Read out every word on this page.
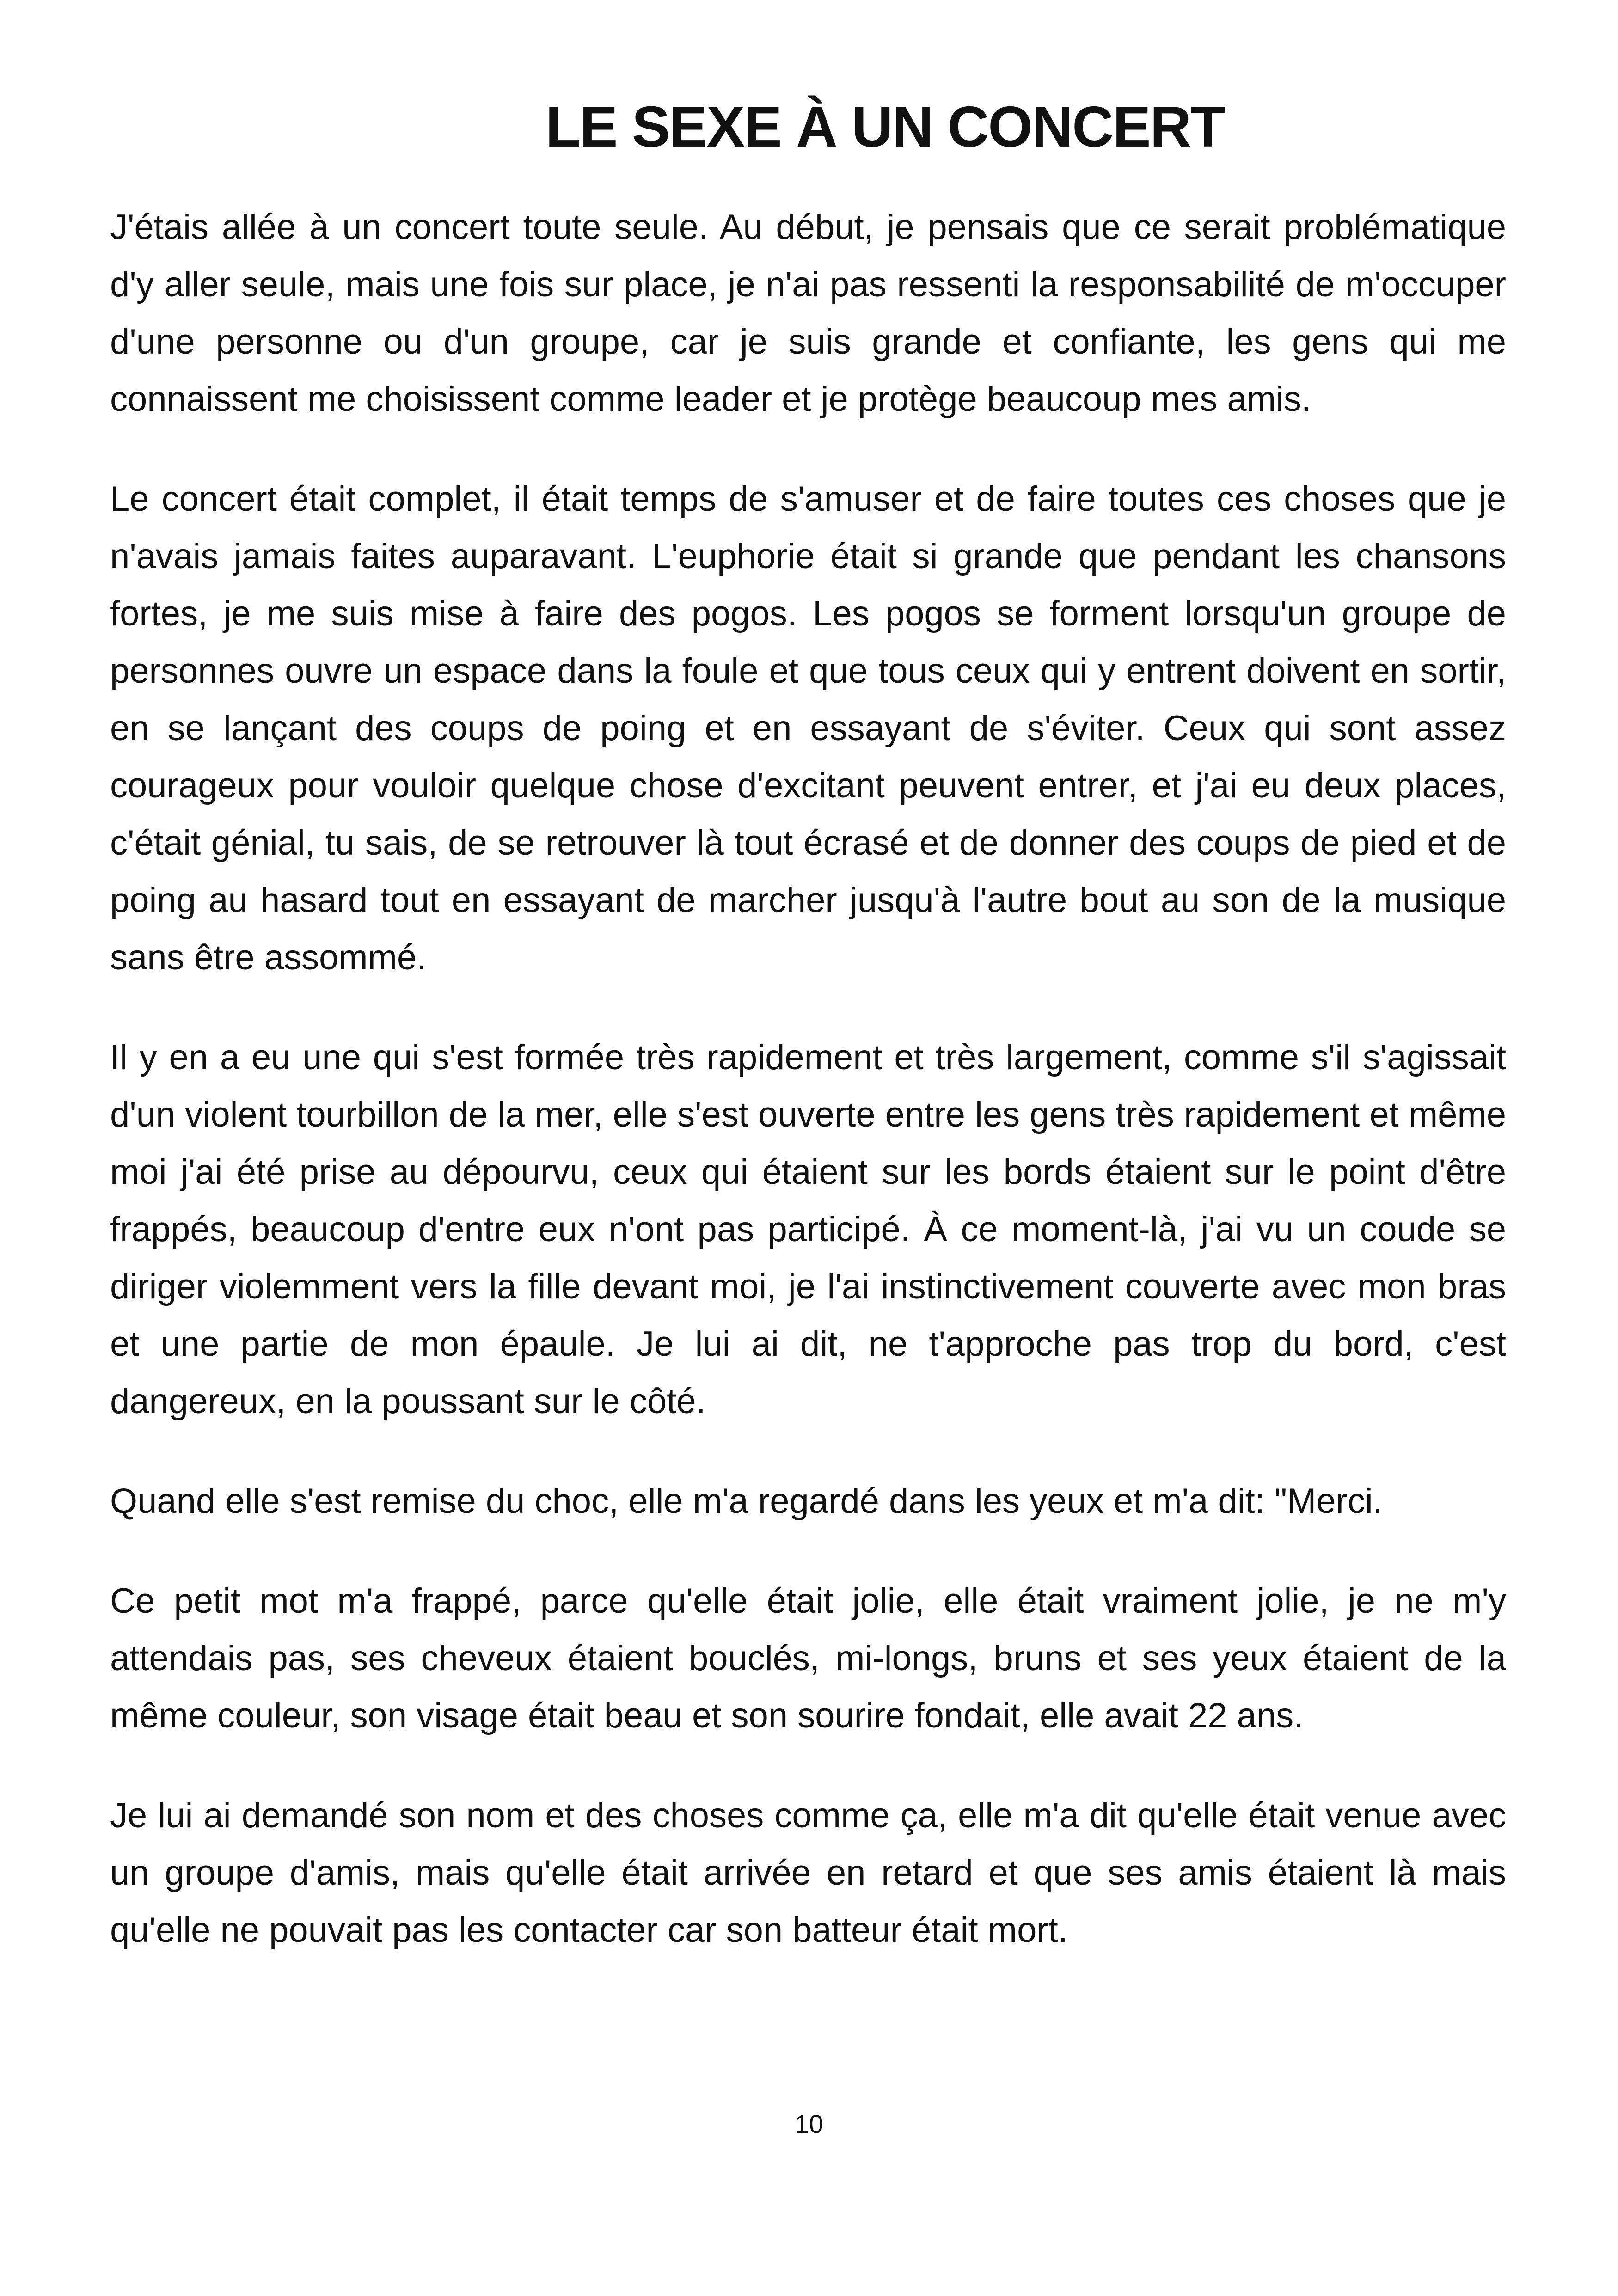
LE SEXE À UN CONCERT

J'étais allée à un concert toute seule. Au début, je pensais que ce serait problématique d'y aller seule, mais une fois sur place, je n'ai pas ressenti la responsabilité de m'occuper d'une personne ou d'un groupe, car je suis grande et confiante, les gens qui me connaissent me choisissent comme leader et je protège beaucoup mes amis.

Le concert était complet, il était temps de s'amuser et de faire toutes ces choses que je n'avais jamais faites auparavant. L'euphorie était si grande que pendant les chansons fortes, je me suis mise à faire des pogos. Les pogos se forment lorsqu'un groupe de personnes ouvre un espace dans la foule et que tous ceux qui y entrent doivent en sortir, en se lançant des coups de poing et en essayant de s'éviter. Ceux qui sont assez courageux pour vouloir quelque chose d'excitant peuvent entrer, et j'ai eu deux places, c'était génial, tu sais, de se retrouver là tout écrasé et de donner des coups de pied et de poing au hasard tout en essayant de marcher jusqu'à l'autre bout au son de la musique sans être assommé.

Il y en a eu une qui s'est formée très rapidement et très largement, comme s'il s'agissait d'un violent tourbillon de la mer, elle s'est ouverte entre les gens très rapidement et même moi j'ai été prise au dépourvu, ceux qui étaient sur les bords étaient sur le point d'être frappés, beaucoup d'entre eux n'ont pas participé. À ce moment-là, j'ai vu un coude se diriger violemment vers la fille devant moi, je l'ai instinctivement couverte avec mon bras et une partie de mon épaule. Je lui ai dit, ne t'approche pas trop du bord, c'est dangereux, en la poussant sur le côté.

Quand elle s'est remise du choc, elle m'a regardé dans les yeux et m'a dit: "Merci.

Ce petit mot m'a frappé, parce qu'elle était jolie, elle était vraiment jolie, je ne m'y attendais pas, ses cheveux étaient bouclés, mi-longs, bruns et ses yeux étaient de la même couleur, son visage était beau et son sourire fondait, elle avait 22 ans.

Je lui ai demandé son nom et des choses comme ça, elle m'a dit qu'elle était venue avec un groupe d'amis, mais qu'elle était arrivée en retard et que ses amis étaient là mais qu'elle ne pouvait pas les contacter car son batteur était mort.

10
